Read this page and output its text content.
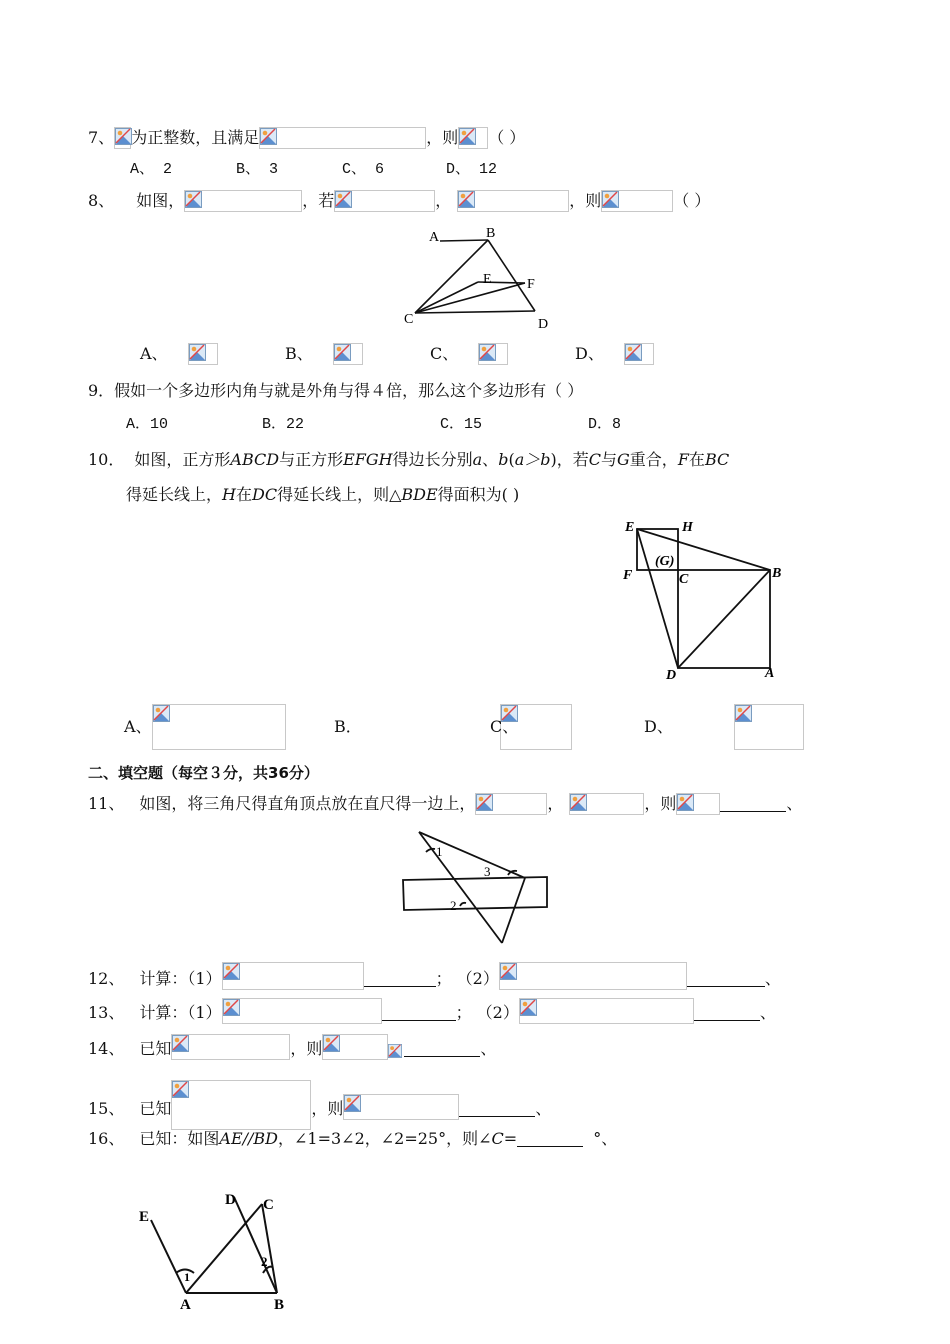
7、 为正整数，且满足	，则 （ ）
A、 2	B、 3	C、 6	D、 12
8、 如图，	，若	，	，则	（ ）
A	B
E	F
C	D
A、	B、	C、	D、
9．假如一个多边形内角与就是外角与得４倍，那么这个多边形有（ ）
A．10	B．22	C．15	D．8
10． 如图，正方形ABCD与正方形EFGH得边长分别a、b(a＞b)，若C与G重合，F在BC
得延长线上，H在DC得延长线上，则△BDE得面积为( )
E	H
(G)
F	C	B
D	A
A、
	B．
	C、
	D、
二、填空题（每空３分，共36分）
11、 如图，将三角尺得直角顶点放在直尺得一边上，	，	，则	、
1
3
2
12、 计算：（1）	； （2）	、
13、 计算：（1）	； （2）	、
14、 已知	，则	、
15、 已知	，则	、
16、 已知：如图AE//BD，∠1=3∠2，∠2=25°，则∠C=	°、
E
D C
1
2
A	B
